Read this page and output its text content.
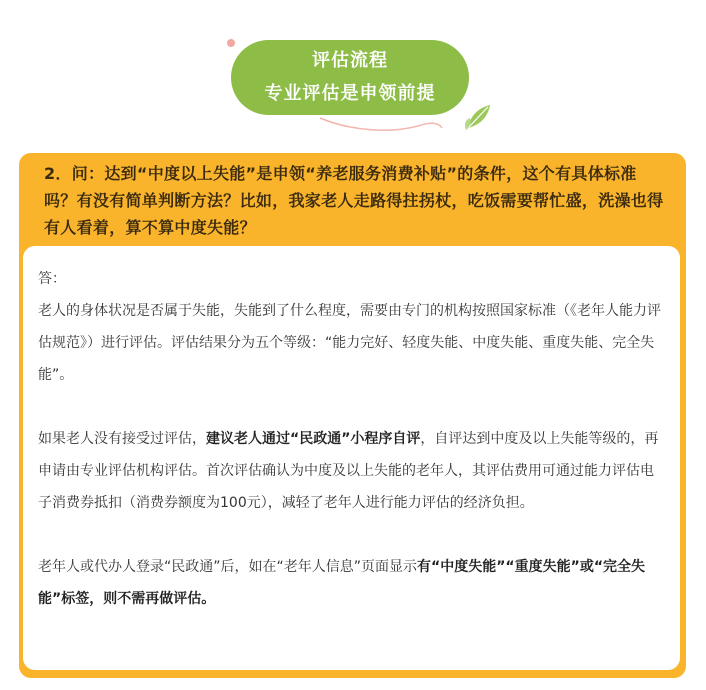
评估流程
专业评估是申领前提
2．问：达到“中度以上失能”是申领“养老服务消费补贴”的条件，这个有具体标准吗？有没有简单判断方法？比如，我家老人走路得拄拐杖，吃饭需要帮忙盛，洗澡也得有人看着，算不算中度失能？

答：

老人的身体状况是否属于失能，失能到了什么程度，需要由专门的机构按照国家标准（《老年人能力评估规范》）进行评估。评估结果分为五个等级：“能力完好、轻度失能、中度失能、重度失能、完全失能”。

如果老人没有接受过评估，建议老人通过“民政通”小程序自评，自评达到中度及以上失能等级的，再申请由专业评估机构评估。首次评估确认为中度及以上失能的老年人，其评估费用可通过能力评估电子消费券抵扣（消费券额度为100元），减轻了老年人进行能力评估的经济负担。

老年人或代办人登录“民政通”后，如在“老年人信息”页面显示有“中度失能”“重度失能”或“完全失能”标签，则不需再做评估。
